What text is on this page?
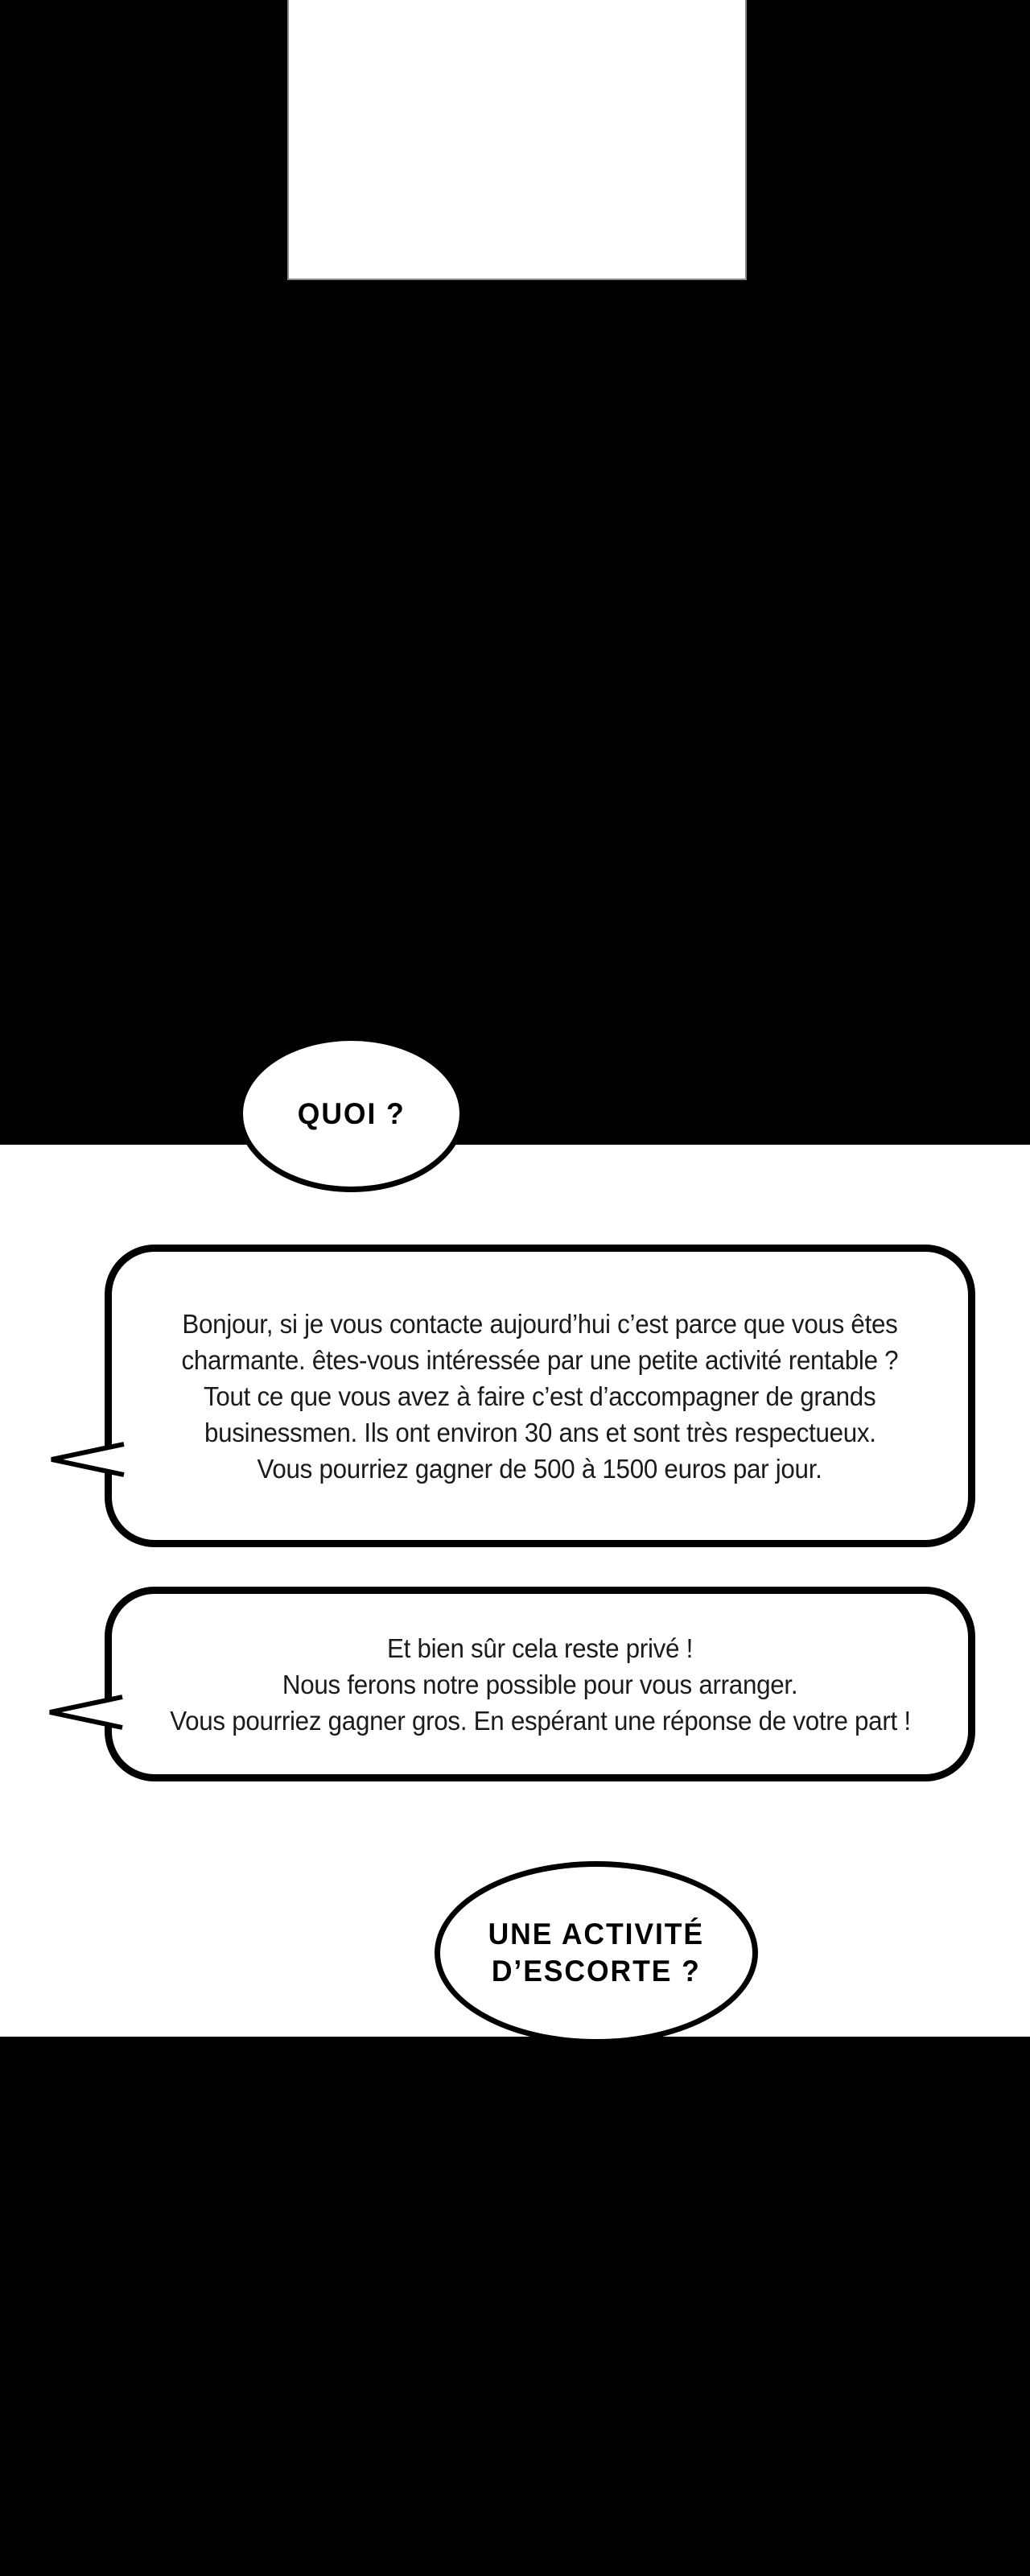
QUOI ?
Bonjour, si je vous contacte aujourd’hui c’est parce que vous êtes
charmante. êtes-vous intéressée par une petite activité rentable ?
Tout ce que vous avez à faire c’est d’accompagner de grands
businessmen. Ils ont environ 30 ans et sont très respectueux.
Vous pourriez gagner de 500 à 1500 euros par jour.
Et bien sûr cela reste privé !
Nous ferons notre possible pour vous arranger.
Vous pourriez gagner gros. En espérant une réponse de votre part !
UNE ACTIVITÉ
D’ESCORTE ?
